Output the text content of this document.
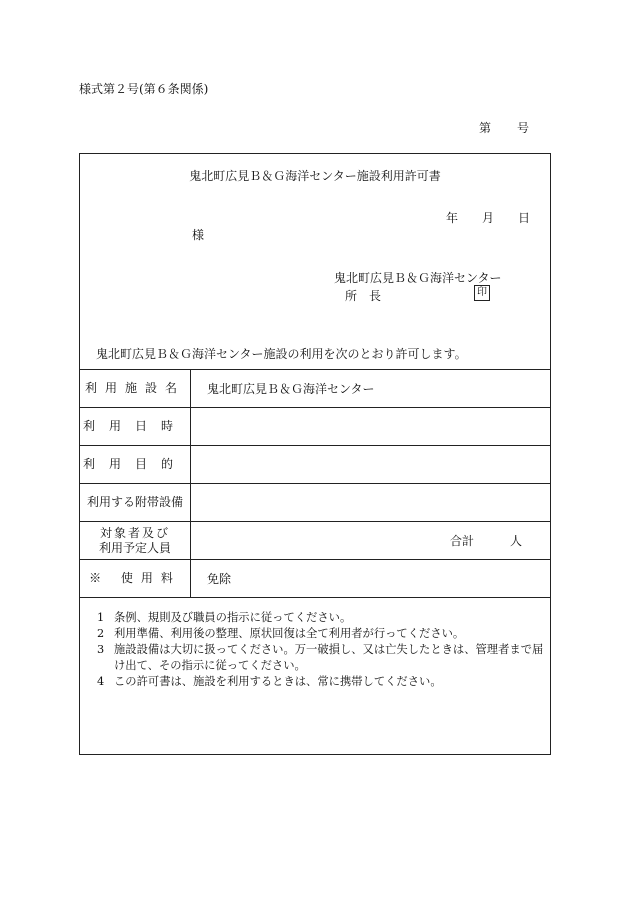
様式第２号(第６条関係)
第 号
鬼北町広見Ｂ＆Ｇ海洋センター施設利用許可書
年 月 日
様
鬼北町広見Ｂ＆Ｇ海洋センター
所　長	印
鬼北町広見Ｂ＆Ｇ海洋センター施設の利用を次のとおり許可します。
利用施設名	鬼北町広見Ｂ＆Ｇ海洋センター
利用日時
利用目的
利用する附帯設備
対象者及び
利用予定人員	合計	人
※ 使用料	免除
1 条例、規則及び職員の指示に従ってください。
2 利用準備、利用後の整理、原状回復は全て利用者が行ってください。
3 施設設備は大切に扱ってください。万一破損し、又は亡失したときは、管理者まで届け出て、その指示に従ってください。
4 この許可書は、施設を利用するときは、常に携帯してください。
